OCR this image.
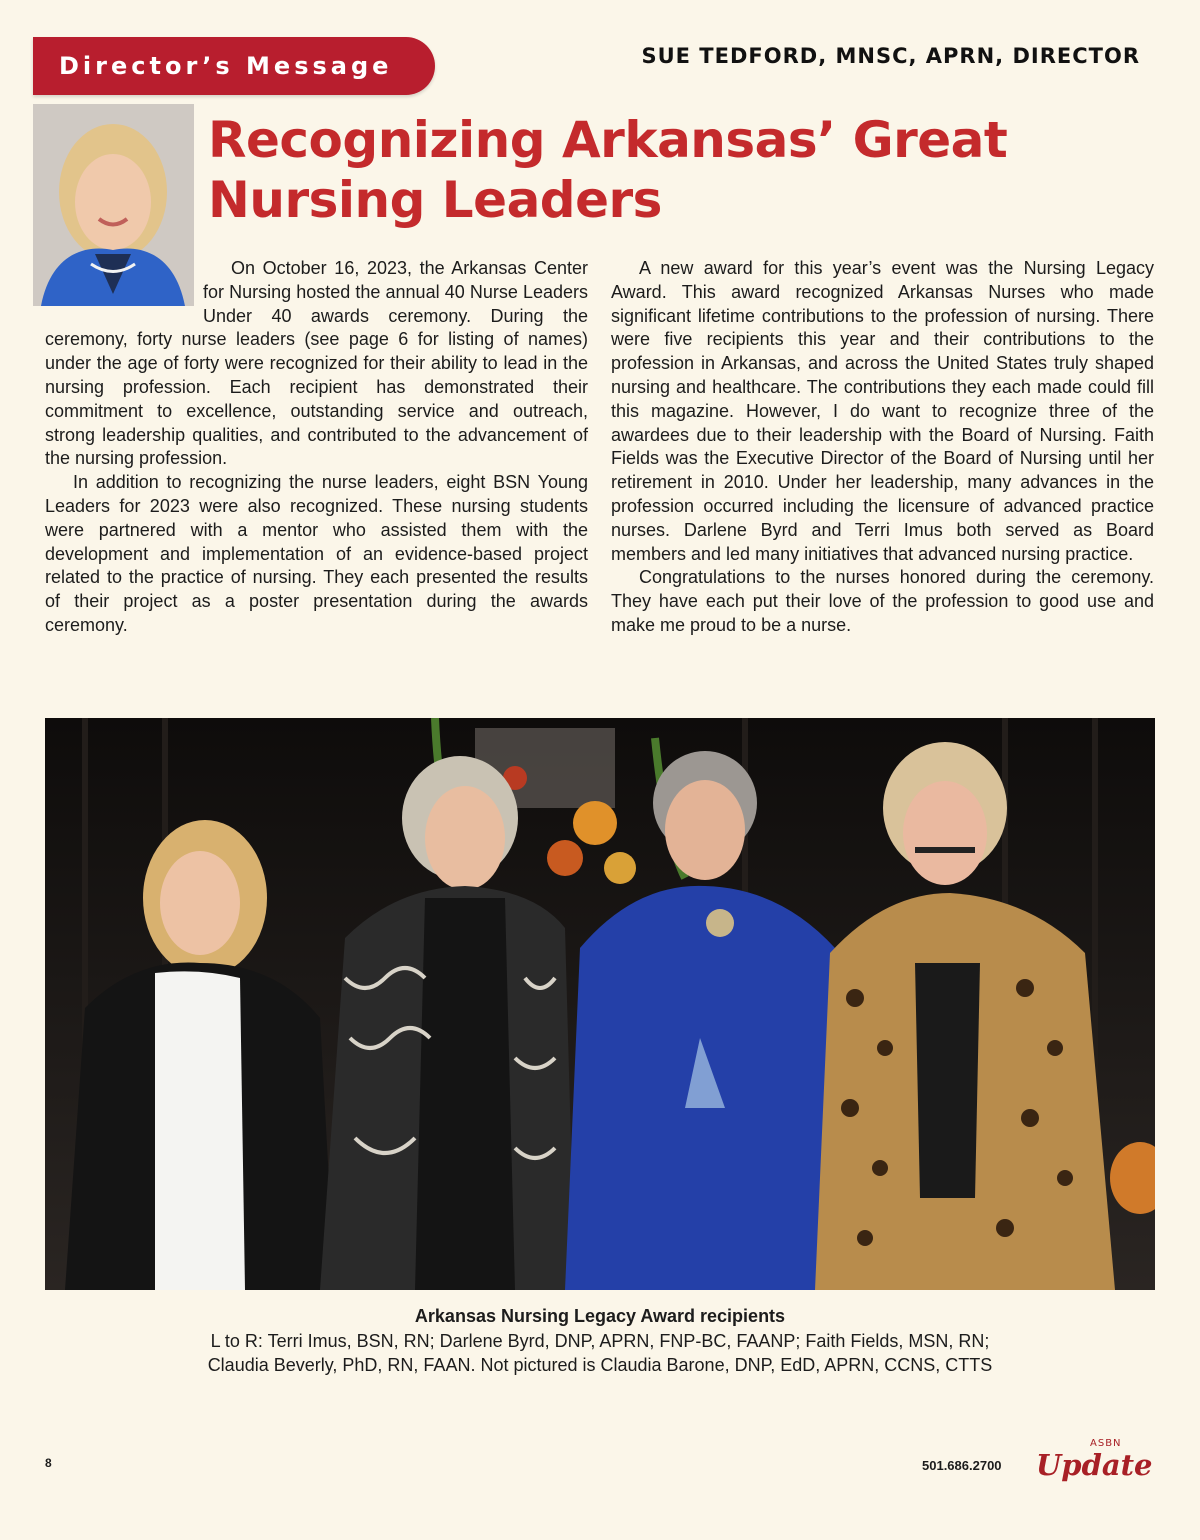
Director’s Message	SUE TEDFORD, MNSC, APRN, DIRECTOR
Recognizing Arkansas’ Great
Nursing Leaders

On October 16, 2023, the Arkansas Center for Nursing hosted the annual 40 Nurse Leaders Under 40 awards ceremony. During the ceremony, forty nurse leaders (see page 6 for listing of names) under the age of forty were recognized for their ability to lead in the nursing profession. Each recipient has demonstrated their commitment to excellence, outstanding service and outreach, strong leadership qualities, and contributed to the advancement of the nursing profession.

In addition to recognizing the nurse leaders, eight BSN Young Leaders for 2023 were also recognized. These nursing students were partnered with a mentor who assisted them with the development and implementation of an evidence-based project related to the practice of nursing. They each presented the results of their project as a poster presentation during the awards ceremony.

A new award for this year’s event was the Nursing Legacy Award. This award recognized Arkansas Nurses who made significant lifetime contributions to the profession of nursing. There were five recipients this year and their contributions to the profession in Arkansas, and across the United States truly shaped nursing and healthcare. The contributions they each made could fill this magazine. However, I do want to recognize three of the awardees due to their leadership with the Board of Nursing. Faith Fields was the Executive Director of the Board of Nursing until her retirement in 2010. Under her leadership, many advances in the profession occurred including the licensure of advanced practice nurses. Darlene Byrd and Terri Imus both served as Board members and led many initiatives that advanced nursing practice.

Congratulations to the nurses honored during the ceremony. They have each put their love of the profession to good use and make me proud to be a nurse.

Arkansas Nursing Legacy Award recipients
L to R: Terri Imus, BSN, RN; Darlene Byrd, DNP, APRN, FNP-BC, FAANP; Faith Fields, MSN, RN;
Claudia Beverly, PhD, RN, FAAN. Not pictured is Claudia Barone, DNP, EdD, APRN, CCNS, CTTS
8	501.686.2700
ASBN
Update
